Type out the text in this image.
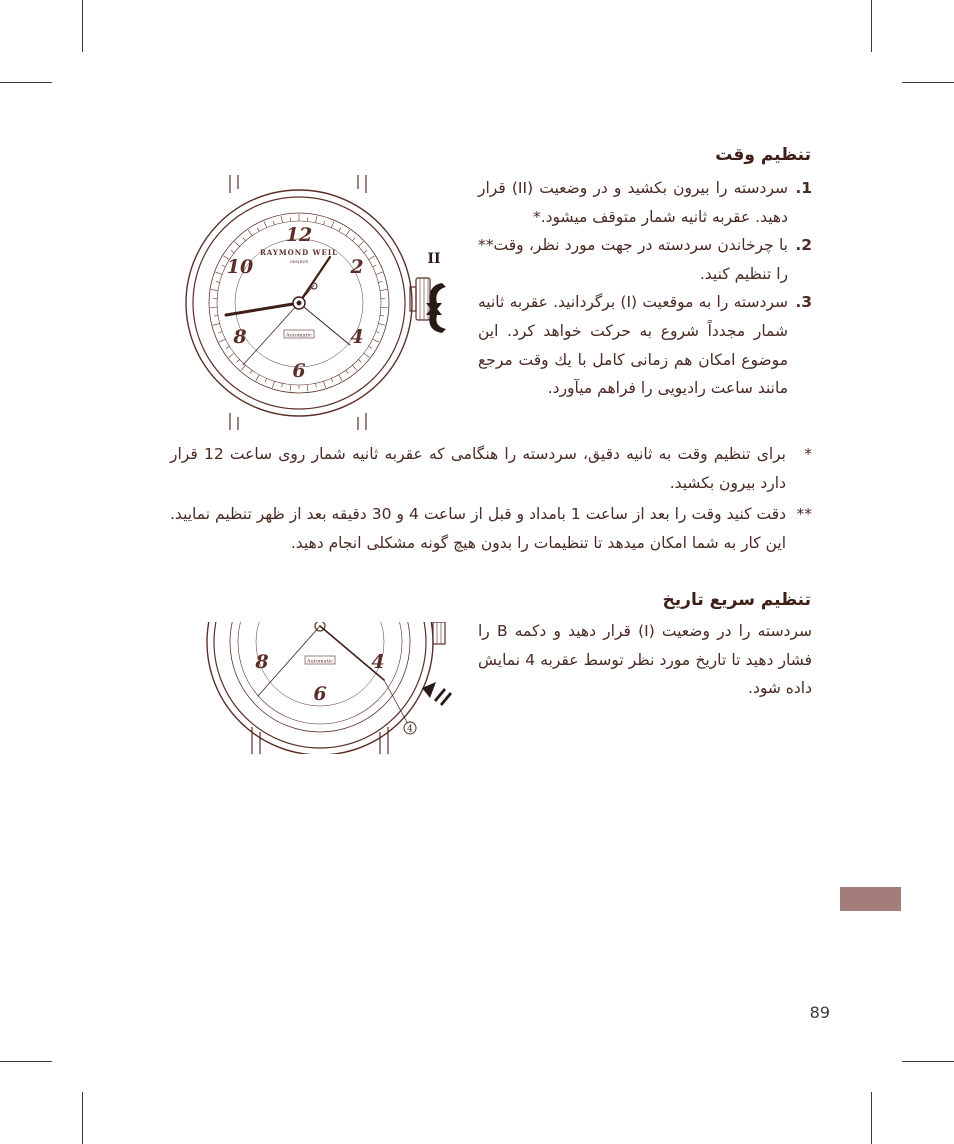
تنظیم وقت
.1
سردسته را بیرون بکشید و در وضعیت (II) قرار دهید. عقربه ثانیه شمار متوقف میشود.*
.2
با چرخاندن سردسته در جهت مورد نظر، وقت** را تنظیم کنید.
.3
سردسته را به موقعیت (I) برگردانید. عقربه ثانیه شمار مجدداً شروع به حرکت خواهد کرد. این موضوع امکان هم زمانی کامل با يك وقت مرجع مانند ساعت رادیویی را فراهم میآورد.
*
برای تنظیم وقت به ثانیه دقیق، سردسته را هنگامی که عقربه ثانیه شمار روی ساعت 12 قرار دارد بیرون بکشید.
**
دقت کنید وقت را بعد از ساعت 1 بامداد و قبل از ساعت 4 و 30 دقیقه بعد از ظهر تنظیم نمایید. این کار به شما امکان میدهد تا تنظیمات را بدون هیچ گونه مشکلی انجام دهید.
تنظیم سریع تاریخ
سردسته را در وضعیت (I) قرار دهید و دکمه B را فشار دهید تا تاریخ مورد نظر توسط عقربه 4 نمایش داده شود.
II
12
2
4
6
8
10
RAYMOND WEIL
GENEVE
Automatic
8	4
6
Automatic
4
89
